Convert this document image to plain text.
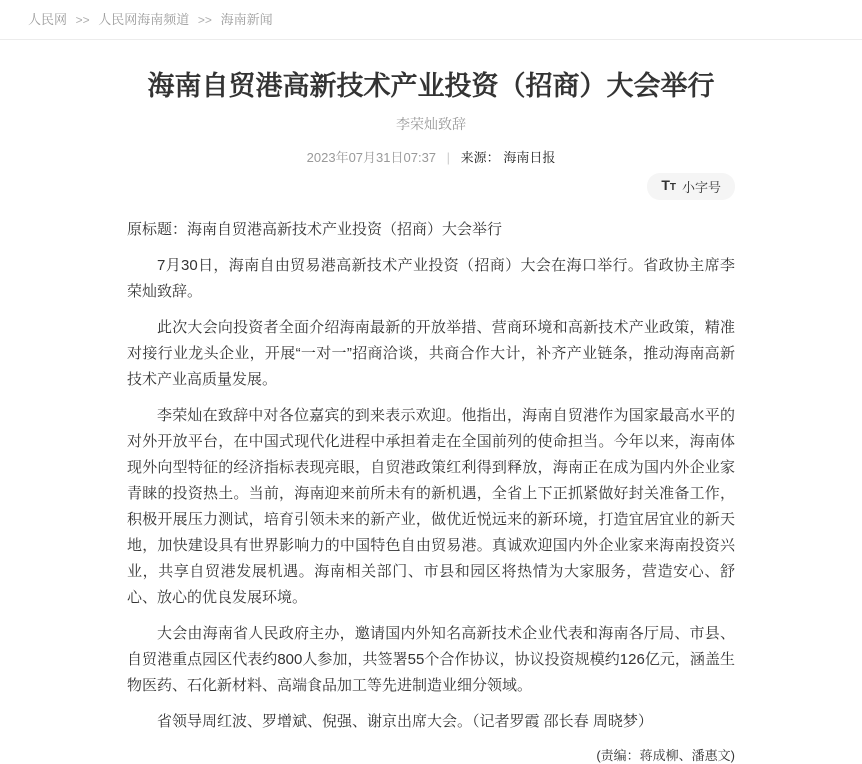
人民网 >> 人民网海南频道 >> 海南新闻
海南自贸港高新技术产业投资（招商）大会举行
李荣灿致辞
2023年07月31日07:37 | 来源： 海南日报
TT 小字号

原标题：海南自贸港高新技术产业投资（招商）大会举行

7月30日，海南自由贸易港高新技术产业投资（招商）大会在海口举行。省政协主席李荣灿致辞。

此次大会向投资者全面介绍海南最新的开放举措、营商环境和高新技术产业政策，精准对接行业龙头企业，开展“一对一”招商洽谈，共商合作大计，补齐产业链条，推动海南高新技术产业高质量发展。

李荣灿在致辞中对各位嘉宾的到来表示欢迎。他指出，海南自贸港作为国家最高水平的对外开放平台，在中国式现代化进程中承担着走在全国前列的使命担当。今年以来，海南体现外向型特征的经济指标表现亮眼，自贸港政策红利得到释放，海南正在成为国内外企业家青睐的投资热土。当前，海南迎来前所未有的新机遇，全省上下正抓紧做好封关准备工作，积极开展压力测试，培育引领未来的新产业，做优近悦远来的新环境，打造宜居宜业的新天地，加快建设具有世界影响力的中国特色自由贸易港。真诚欢迎国内外企业家来海南投资兴业，共享自贸港发展机遇。海南相关部门、市县和园区将热情为大家服务，营造安心、舒心、放心的优良发展环境。

大会由海南省人民政府主办，邀请国内外知名高新技术企业代表和海南各厅局、市县、自贸港重点园区代表约800人参加，共签署55个合作协议，协议投资规模约126亿元，涵盖生物医药、石化新材料、高端食品加工等先进制造业细分领域。

省领导周红波、罗增斌、倪强、谢京出席大会。（记者罗霞 邵长春 周晓梦）

(责编：蒋成柳、潘惠文)
